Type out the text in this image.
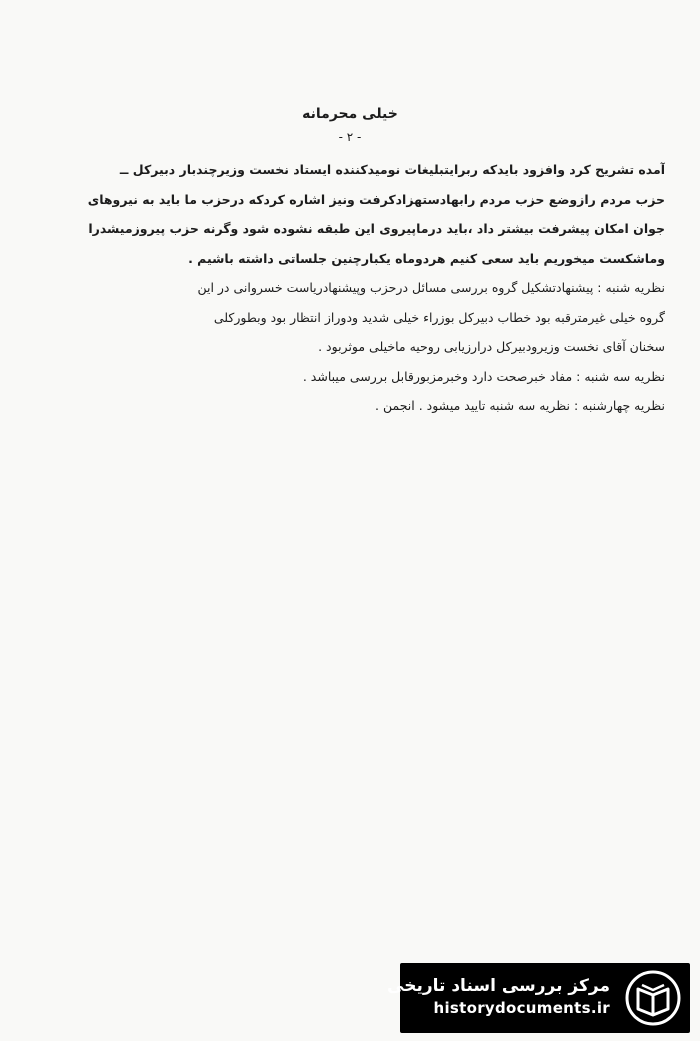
خیلی محرمانه
- ٢ -
آمده تشریح کرد وافزود بایدکه ربرایتبلیغات نومیدکننده ایستاد نخست وزیرچندبار دبیرکل ــ
حزب مردم رازوضع حزب مردم رابهادستهزادکرفت ونیز اشاره کردکه درحزب ما باید به نیروهای
جوان امکان پیشرفت بیشتر داد ،باید درماپیروی این طبقه نشوده شود وگرنه حزب پیروزمیشدرا
وماشکست میخوریم باید سعی کنیم هردوماه یکبارچنین جلساتی داشته باشیم .
نظریه شنبه : پیشنهادتشکیل گروه بررسی مسائل درحزب وپیشنهادریاست خسروانی در این
گروه خیلی غیرمترقبه بود خطاب دبیرکل بوزراء خیلی شدید ودوراز انتظار بود وبطورکلی
سخنان آقای نخست وزیرودبیرکل درارزیابی روحیه ماخیلی موثربود .
نظریه سه شنبه : مفاد خبرصحت دارد وخبرمزبورقابل بررسی میباشد .
نظریه چهارشنبه : نظریه سه شنبه تایید میشود . انجمن .
مرکز بررسی اسناد تاریخی
historydocuments.ir
